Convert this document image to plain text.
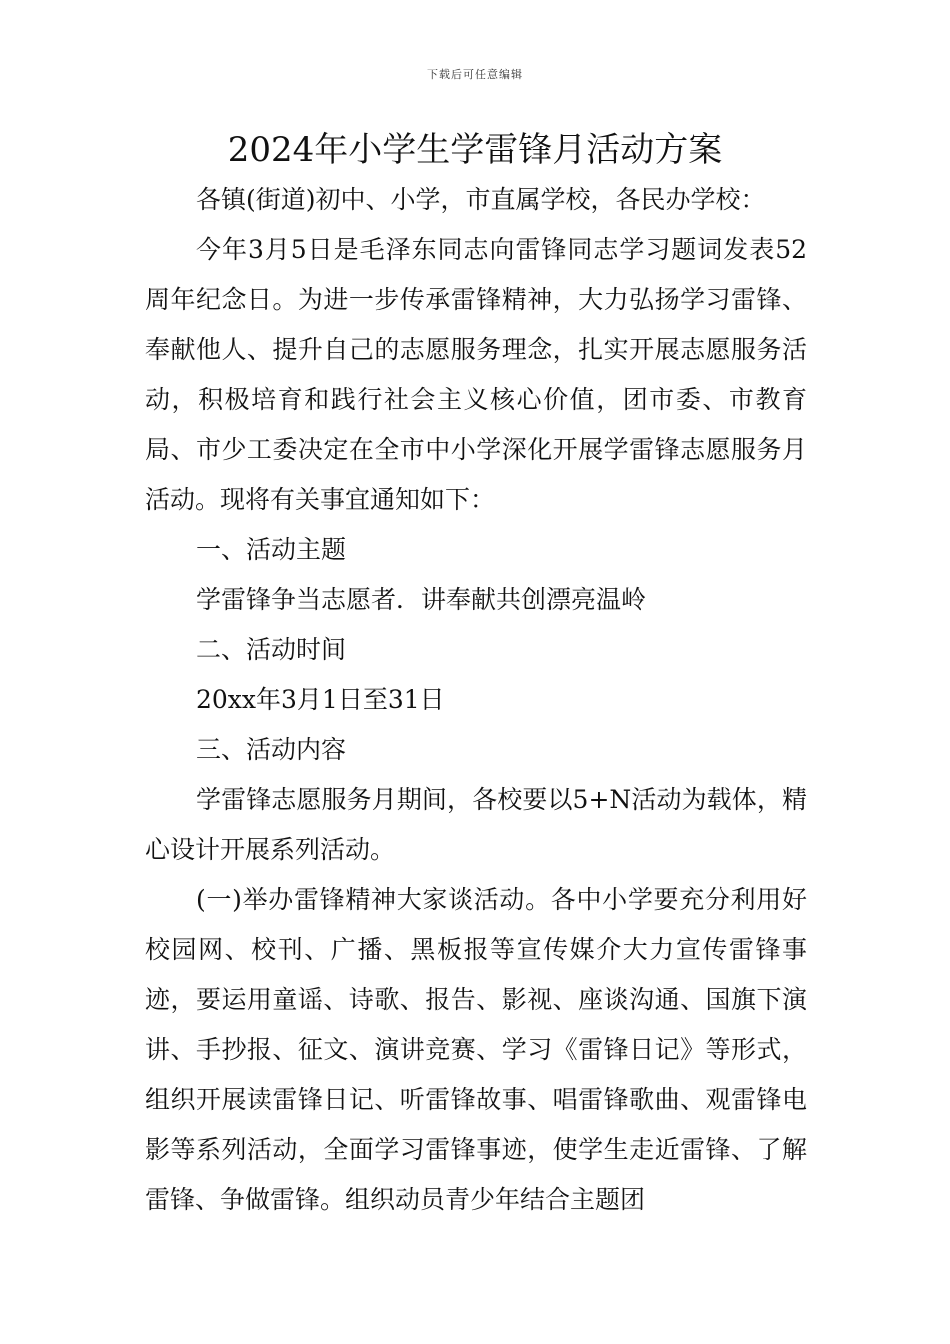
下载后可任意编辑
2024年小学生学雷锋月活动方案

各镇(街道)初中、小学，市直属学校，各民办学校：

今年3月5日是毛泽东同志向雷锋同志学习题词发表52周年纪念日。为进一步传承雷锋精神，大力弘扬学习雷锋、奉献他人、提升自己的志愿服务理念，扎实开展志愿服务活动，积极培育和践行社会主义核心价值，团市委、市教育局、市少工委决定在全市中小学深化开展学雷锋志愿服务月活动。现将有关事宜通知如下：

一、活动主题

学雷锋争当志愿者．讲奉献共创漂亮温岭

二、活动时间

20xx年3月1日至31日

三、活动内容

学雷锋志愿服务月期间，各校要以5+N活动为载体，精心设计开展系列活动。

(一)举办雷锋精神大家谈活动。各中小学要充分利用好校园网、校刊、广播、黑板报等宣传媒介大力宣传雷锋事迹，要运用童谣、诗歌、报告、影视、座谈沟通、国旗下演讲、手抄报、征文、演讲竞赛、学习《雷锋日记》等形式，组织开展读雷锋日记、听雷锋故事、唱雷锋歌曲、观雷锋电影等系列活动，全面学习雷锋事迹，使学生走近雷锋、了解雷锋、争做雷锋。组织动员青少年结合主题团
